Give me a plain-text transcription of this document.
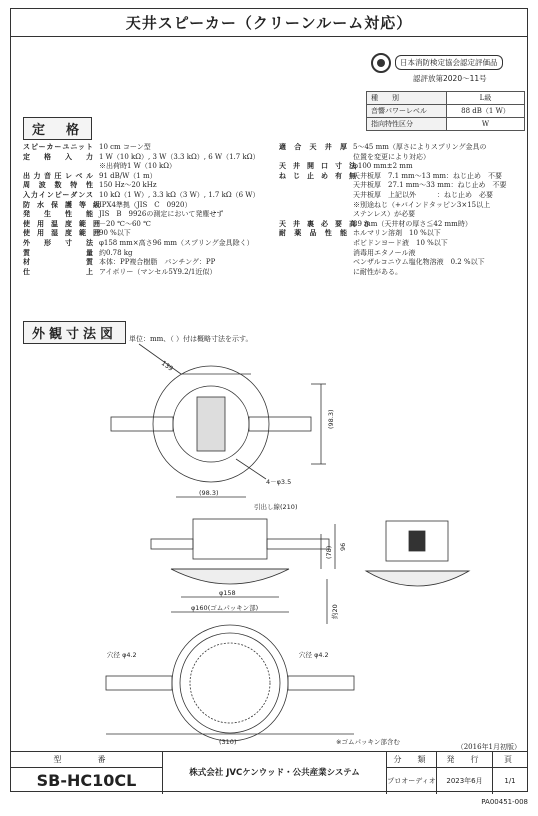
天井スピーカー（クリーンルーム対応）
日本消防検定協会認定評価品
認評放第2020～11号
種　　別	L級
音響パワーレベル	88 dB（1 W）
指向特性区分	W
定　格
スピーカーユニット 10 cm コーン型
定　格　入　力 1 W（10 kΩ）, 3 W（3.3 kΩ）, 6 W（1.7 kΩ）
※出荷時1 W（10 kΩ）
出力音圧レベル 91 dB/W（1 m）
周　波　数　特　性 150 Hz～20 kHz
入力インピーダンス 10 kΩ（1 W）, 3.3 kΩ（3 W）, 1.7 kΩ（6 W）
防　水　保　護　等　級 IPX4準拠（JIS　C　0920）
発　　生　　性　　能 JIS　B　9926の測定において発塵せず
使　用　温　度　範　囲 －20 ℃～60 ℃
使　用　湿　度　範　囲 90 %以下
外　　形　　寸　　法 φ158 mm×高さ96 mm（スプリング金具除く）
質　　　　　　　　量 約0.78 kg
材　　　　　　　　質 本体：PP複合樹脂　パンチング：PP
仕　　　　　　　　上 アイボリー（マンセル5Y9.2/1近似）
適　合　天　井　厚 5～45 mm（厚さによりスプリング金具の
位置を変更により対応）
天　井　開　口　寸　法
φ100 mm±2 mm
ね　じ　止　め　有　無
天井板厚　7.1 mm～13 mm：ねじ止め　不要
天井板厚　27.1 mm～33 mm：ねじ止め　不要
天井板厚　上記以外　　　：ねじ止め　必要
※別途ねじ（+バインドタッピン3×15以上
ステンレス）が必要
天　井　裏　必　要　高　さ
89 mm（天井材の厚さ≦42 mm時）
耐　薬　品　性　能 ホルマリン溶剤　10 %以下
ポビドンヨード液　10 %以下
消毒用エタノール液
ベンザルコニウム塩化物溶液　0.2 %以下
に耐性がある。
外観寸法図	単位：mm、（ ）付は概略寸法を示す。
139
(98.3)
(98.3)
4－φ3.5
引出し線(210)
(78) 96
φ158
φ160(ゴムパッキン部)	約20
穴径 φ4.2	穴径 φ4.2
(310)	※ゴムパッキン部含む
（2016年1月初版）
型　番
SB-HC10CL	株式会社 JVCケンウッド・公共産業システム
分　類
プロオーディオ
発　行
2023年6月
頁
1/1
PA00451-008
